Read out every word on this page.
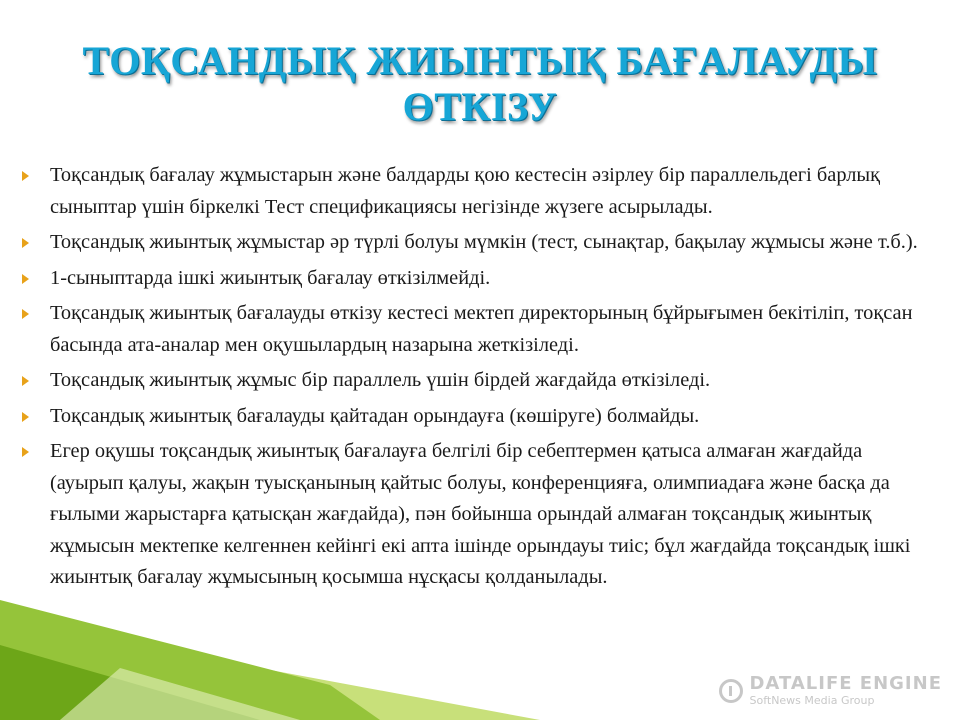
ТОҚСАНДЫҚ ЖИЫНТЫҚ БАҒАЛАУДЫ
ӨТКІЗУ
Тоқсандық бағалау жұмыстарын және балдарды қою кестесін әзірлеу бір параллельдегі барлық сыныптар үшін біркелкі Тест спецификациясы негізінде жүзеге асырылады.
Тоқсандық жиынтық жұмыстар әр түрлі болуы мүмкін (тест, сынақтар, бақылау жұмысы және т.б.).
1-сыныптарда ішкі жиынтық бағалау өткізілмейді.
Тоқсандық жиынтық бағалауды өткізу кестесі мектеп директорының бұйрығымен бекітіліп, тоқсан басында ата-аналар мен оқушылардың назарына жеткізіледі.
Тоқсандық жиынтық жұмыс бір параллель үшін бірдей жағдайда өткізіледі.
Тоқсандық жиынтық бағалауды қайтадан орындауға (көшіруге) болмайды.
Егер оқушы тоқсандық жиынтық бағалауға белгілі бір себептермен қатыса алмаған жағдайда (ауырып қалуы, жақын туысқанының қайтыс болуы, конференцияға, олимпиадаға және басқа да ғылыми жарыстарға қатысқан жағдайда), пән бойынша орындай алмаған тоқсандық жиынтық жұмысын мектепке келгеннен кейінгі екі апта ішінде орындауы тиіс; бұл жағдайда тоқсандық ішкі жиынтық бағалау жұмысының қосымша нұсқасы қолданылады.
DATALIFE ENGINE
SoftNews Media Group
